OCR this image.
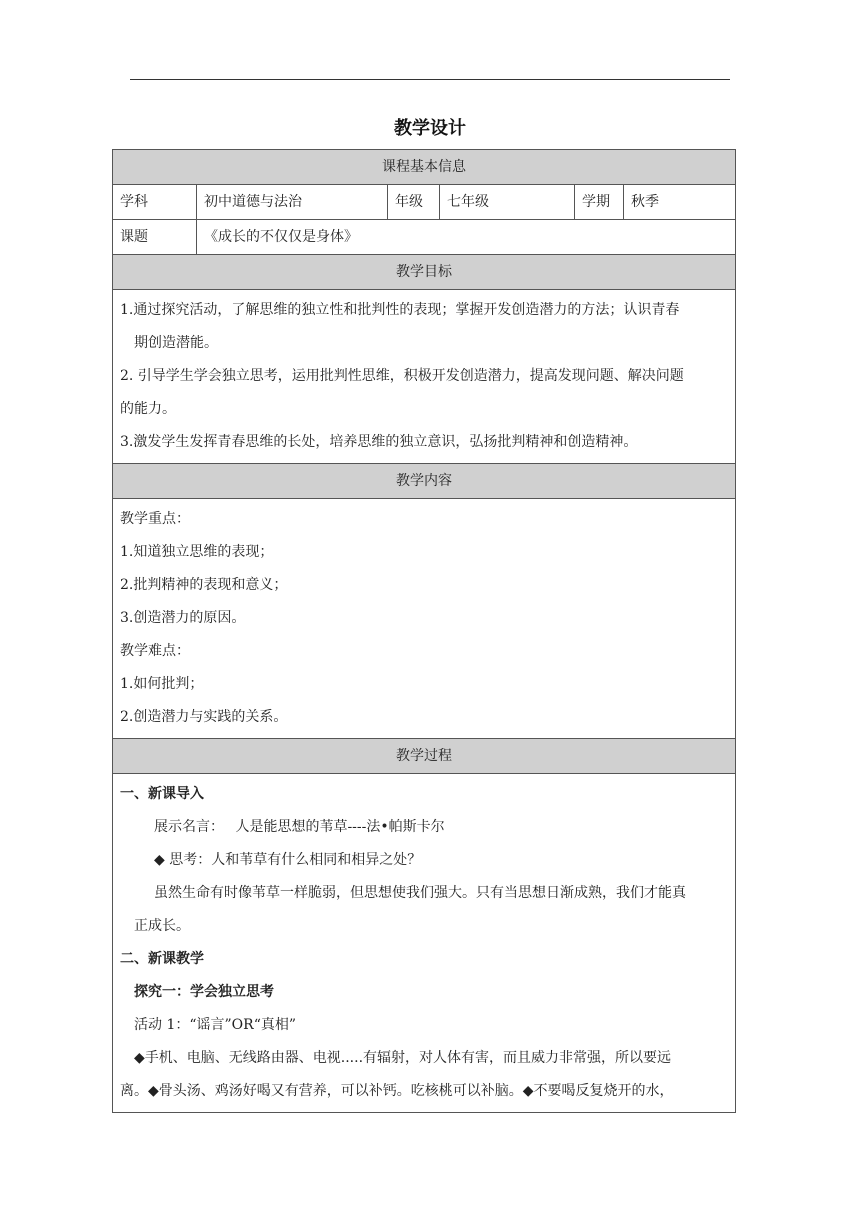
教学设计
课程基本信息
学科	初中道德与法治	年级	七年级	学期	秋季
课题	《成长的不仅仅是身体》
教学目标

1.通过探究活动，了解思维的独立性和批判性的表现；掌握开发创造潜力的方法；认识青春

期创造潜能。

2. 引导学生学会独立思考，运用批判性思维，积极开发创造潜力，提高发现问题、解决问题

的能力。

3.激发学生发挥青春思维的长处，培养思维的独立意识，弘扬批判精神和创造精神。

教学内容

教学重点：

1.知道独立思维的表现；

2.批判精神的表现和意义；

3.创造潜力的原因。

教学难点：

1.如何批判；

2.创造潜力与实践的关系。

教学过程

一、新课导入

展示名言：　 人是能思想的苇草----法•帕斯卡尔

◆ 思考：人和苇草有什么相同和相异之处？

虽然生命有时像苇草一样脆弱，但思想使我们强大。只有当思想日渐成熟，我们才能真

正成长。

二、新课教学

探究一：学会独立思考

活动 1：“谣言”OR“真相”

◆手机、电脑、无线路由器、电视.....有辐射，对人体有害，而且威力非常强，所以要远

离。◆骨头汤、鸡汤好喝又有营养，可以补钙。吃核桃可以补脑。◆不要喝反复烧开的水，
